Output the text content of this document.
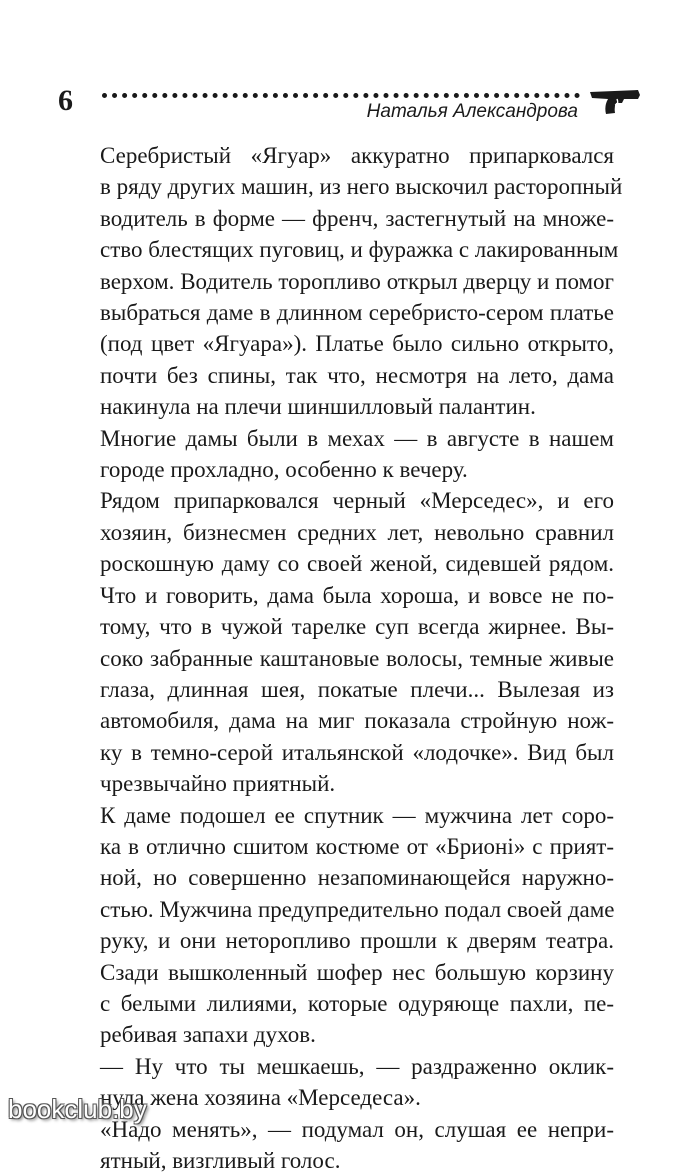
6	Наталья Александрова

Серебристый «Ягуар» аккуратно припарковался
в ряду других машин, из него выскочил расторопный
водитель в форме — френч, застегнутый на множе-
ство блестящих пуговиц, и фуражка с лакированным
верхом. Водитель торопливо открыл дверцу и помог
выбраться даме в длинном серебристо-сером платье
(под цвет «Ягуара»). Платье было сильно открыто,
почти без спины, так что, несмотря на лето, дама
накинула на плечи шиншилловый палантин.

Многие дамы были в мехах — в августе в нашем
городе прохладно, особенно к вечеру.

Рядом припарковался черный «Мерседес», и его
хозяин, бизнесмен средних лет, невольно сравнил
роскошную даму со своей женой, сидевшей рядом.
Что и говорить, дама была хороша, и вовсе не по-
тому, что в чужой тарелке суп всегда жирнее. Вы-
соко забранные каштановые волосы, темные живые
глаза, длинная шея, покатые плечи... Вылезая из
автомобиля, дама на миг показала стройную нож-
ку в темно-серой итальянской «лодочке». Вид был
чрезвычайно приятный.

К даме подошел ее спутник — мужчина лет соро-
ка в отлично сшитом костюме от «Брионі» с прият-
ной, но совершенно незапоминающейся наружно-
стью. Мужчина предупредительно подал своей даме
руку, и они неторопливо прошли к дверям театра.
Сзади вышколенный шофер нес большую корзину
с белыми лилиями, которые одуряюще пахли, пе-
ребивая запахи духов.

— Ну что ты мешкаешь, — раздраженно оклик-
нула жена хозяина «Мерседеса».

«Надо менять», — подумал он, слушая ее непри-
ятный, визгливый голос.

bookclub.by
